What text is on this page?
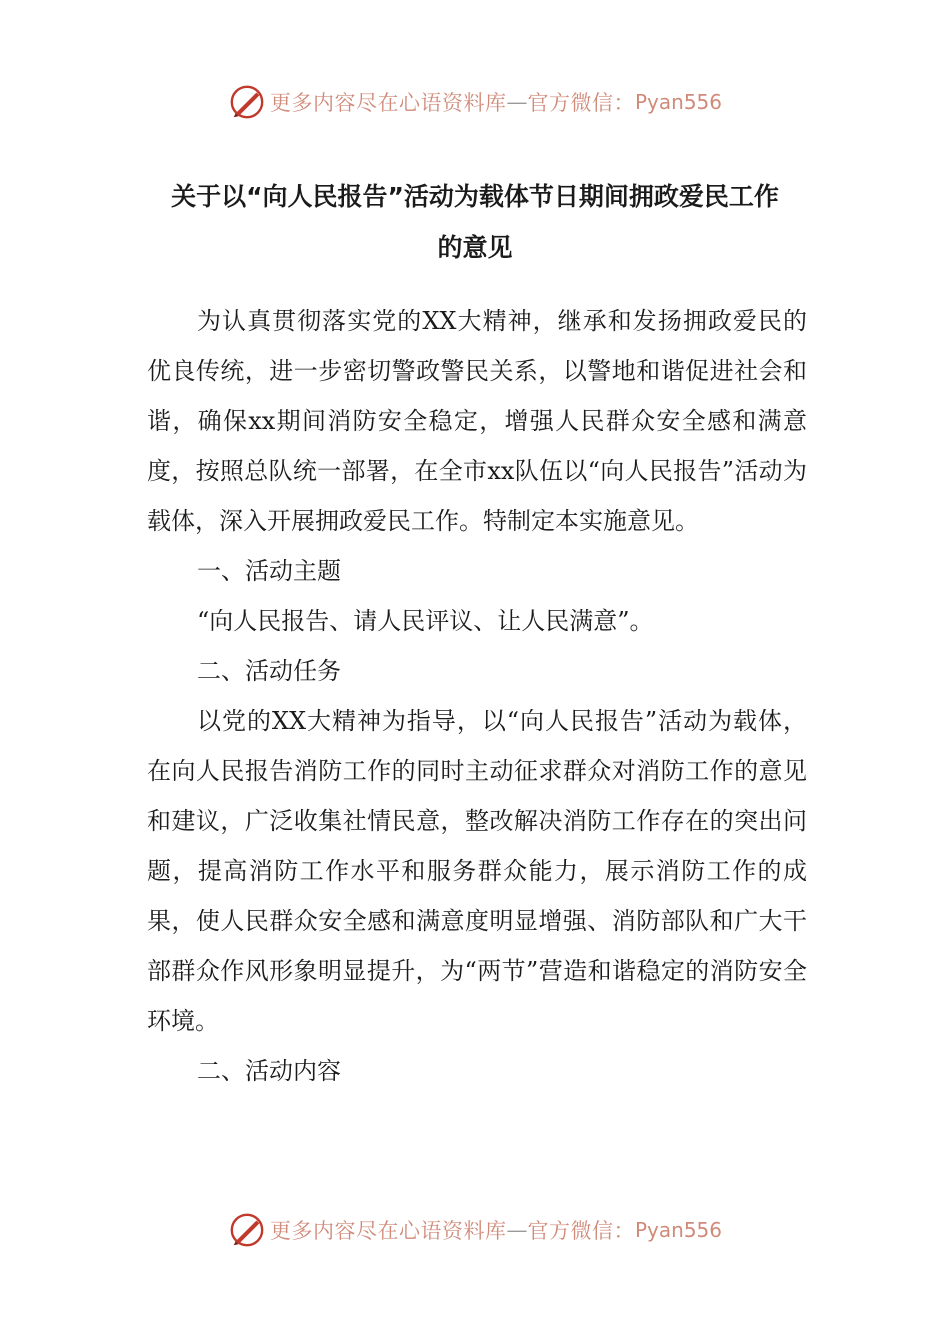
更多内容尽在心语资料库 — 官方微信： Pyan556
关于以“向人民报告”活动为载体节日期间拥政爱民工作
的意见

为认真贯彻落实党的XX大精神，继承和发扬拥政爱民的优良传统，进一步密切警政警民关系，以警地和谐促进社会和谐，确保xx期间消防安全稳定，增强人民群众安全感和满意度，按照总队统一部署，在全市xx队伍以“向人民报告”活动为载体，深入开展拥政爱民工作。特制定本实施意见。

一、活动主题

“向人民报告、请人民评议、让人民满意”。

二、活动任务

以党的XX大精神为指导，以“向人民报告”活动为载体，在向人民报告消防工作的同时主动征求群众对消防工作的意见和建议，广泛收集社情民意，整改解决消防工作存在的突出问题，提高消防工作水平和服务群众能力，展示消防工作的成果，使人民群众安全感和满意度明显增强、消防部队和广大干部群众作风形象明显提升，为“两节”营造和谐稳定的消防安全环境。

二、活动内容

更多内容尽在心语资料库 — 官方微信： Pyan556
